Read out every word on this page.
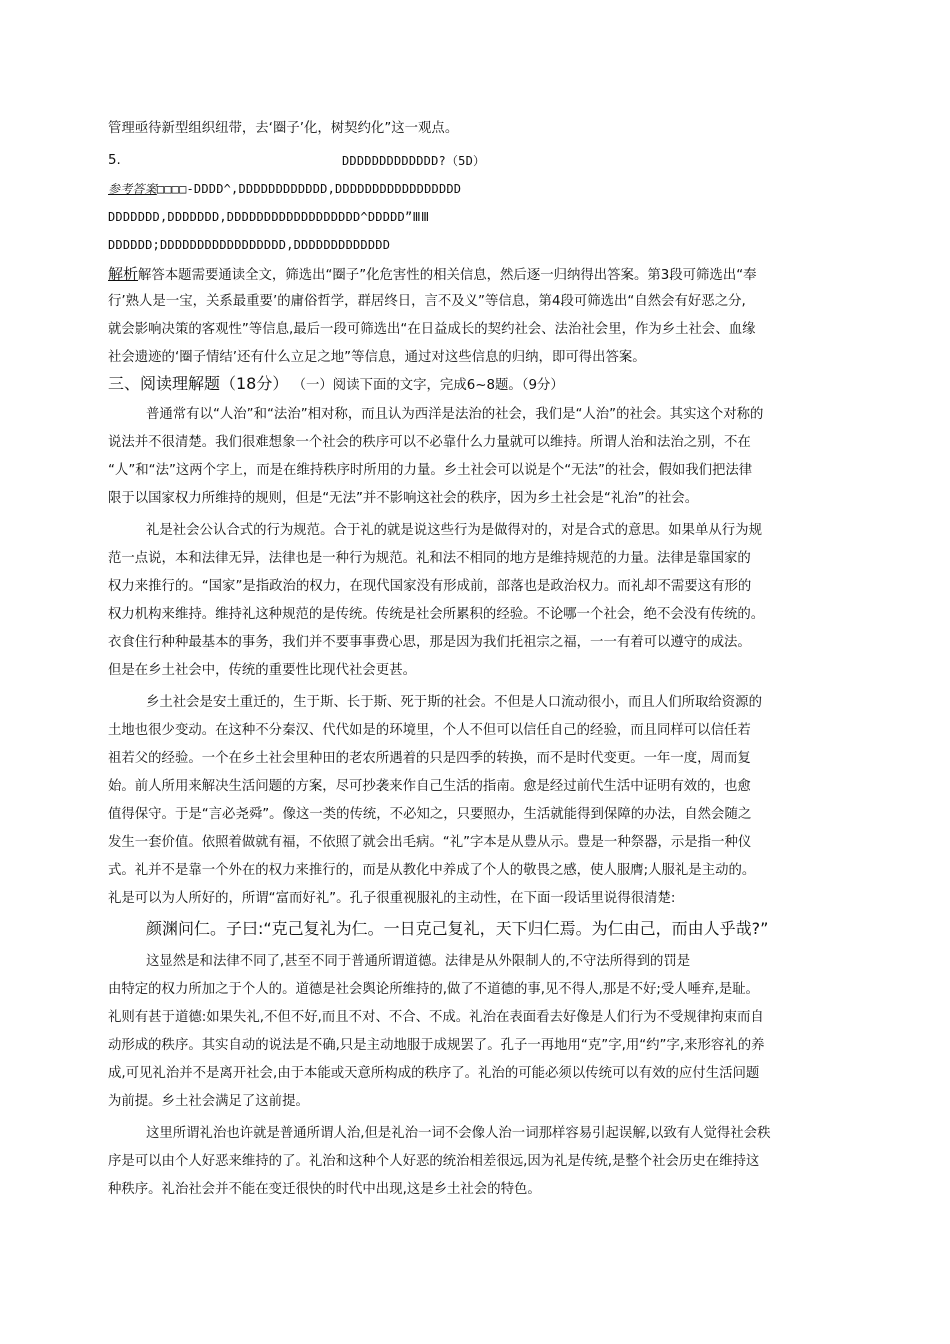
管理亟待新型组织纽带，去‘圈子’化，树契约化”这一观点。
5.	DDDDDDDDDDDDD?（5D）
参考答案□□□□-DDDD^,DDDDDDDDDDDD,DDDDDDDDDDDDDDDDD
DDDDDDD,DDDDDDD,DDDDDDDDDDDDDDDDDD^DDDDD”ⅢⅢ
DDDDDD;DDDDDDDDDDDDDDDDD,DDDDDDDDDDDDD
解析解答本题需要通读全文，筛选出“圈子”化危害性的相关信息，然后逐一归纳得出答案。第3段可筛选出“奉
行’熟人是一宝，关系最重要’的庸俗哲学，群居终日，言不及义”等信息，第4段可筛选出“自然会有好恶之分,
就会影响决策的客观性”等信息,最后一段可筛选出“在日益成长的契约社会、法治社会里，作为乡土社会、血缘
社会遗迹的‘圈子情结’还有什么立足之地”等信息，通过对这些信息的归纳，即可得出答案。
三、阅读理解题（18分） （一）阅读下面的文字，完成6~8题。（9分）
普通常有以“人治”和“法治”相对称，而且认为西洋是法治的社会，我们是“人治”的社会。其实这个对称的
说法并不很清楚。我们很难想象一个社会的秩序可以不必靠什么力量就可以维持。所谓人治和法治之别，不在
“人”和“法”这两个字上，而是在维持秩序时所用的力量。乡土社会可以说是个“无法”的社会，假如我们把法律
限于以国家权力所维持的规则，但是“无法”并不影响这社会的秩序，因为乡土社会是“礼治”的社会。
礼是社会公认合式的行为规范。合于礼的就是说这些行为是做得对的，对是合式的意思。如果单从行为规
范一点说，本和法律无异，法律也是一种行为规范。礼和法不相同的地方是维持规范的力量。法律是靠国家的
权力来推行的。“国家”是指政治的权力，在现代国家没有形成前，部落也是政治权力。而礼却不需要这有形的
权力机构来维持。维持礼这种规范的是传统。传统是社会所累积的经验。不论哪一个社会，绝不会没有传统的。
衣食住行种种最基本的事务，我们并不要事事费心思，那是因为我们托祖宗之福，一一有着可以遵守的成法。
但是在乡土社会中，传统的重要性比现代社会更甚。
乡土社会是安土重迁的，生于斯、长于斯、死于斯的社会。不但是人口流动很小，而且人们所取给资源的
土地也很少变动。在这种不分秦汉、代代如是的环境里，个人不但可以信任自己的经验，而且同样可以信任若
祖若父的经验。一个在乡土社会里种田的老农所遇着的只是四季的转换，而不是时代变更。一年一度，周而复
始。前人所用来解决生活问题的方案，尽可抄袭来作自己生活的指南。愈是经过前代生活中证明有效的，也愈
值得保守。于是“言必尧舜”。像这一类的传统，不必知之，只要照办，生活就能得到保障的办法，自然会随之
发生一套价值。依照着做就有福，不依照了就会出毛病。“礼”字本是从豊从示。豊是一种祭器，示是指一种仪
式。礼并不是靠一个外在的权力来推行的，而是从教化中养成了个人的敬畏之感，使人服膺;人服礼是主动的。
礼是可以为人所好的，所谓“富而好礼”。孔子很重视服礼的主动性，在下面一段话里说得很清楚:
颜渊问仁。子曰:“克己复礼为仁。一日克己复礼，天下归仁焉。为仁由己，而由人乎哉?”
这显然是和法律不同了,甚至不同于普通所谓道德。法律是从外限制人的,不守法所得到的罚是
由特定的权力所加之于个人的。道德是社会舆论所维持的,做了不道德的事,见不得人,那是不好;受人唾弃,是耻。
礼则有甚于道德:如果失礼,不但不好,而且不对、不合、不成。礼治在表面看去好像是人们行为不受规律拘束而自
动形成的秩序。其实自动的说法是不确,只是主动地服于成规罢了。孔子一再地用“克”字,用“约”字,来形容礼的养
成,可见礼治并不是离开社会,由于本能或天意所构成的秩序了。礼治的可能必须以传统可以有效的应付生活问题
为前提。乡土社会满足了这前提。
这里所谓礼治也许就是普通所谓人治,但是礼治一词不会像人治一词那样容易引起误解,以致有人觉得社会秩
序是可以由个人好恶来维持的了。礼治和这种个人好恶的统治相差很远,因为礼是传统,是整个社会历史在维持这
种秩序。礼治社会并不能在变迁很快的时代中出现,这是乡土社会的特色。
